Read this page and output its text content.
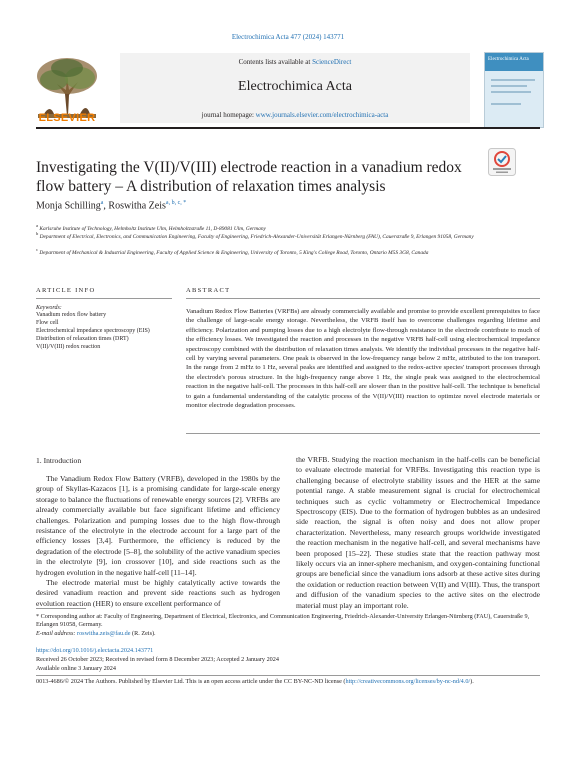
Electrochimica Acta 477 (2024) 143771
ELSEVIER
Contents lists available at ScienceDirect
Electrochimica Acta
journal homepage: www.journals.elsevier.com/electrochimica-acta
Electrochimica Acta
Investigating the V(II)/V(III) electrode reaction in a vanadium redox flow battery – A distribution of relaxation times analysis
Monja Schilling$^a$, Roswitha Zeis$^{a, b, c, *}$
$^a$ Karlsruhe Institute of Technology, Helmholtz Institute Ulm, Helmholtzstraße 11, D-89081 Ulm, Germany
$^b$ Department of Electrical, Electronics, and Communication Engineering, Faculty of Engineering, Friedrich-Alexander-Universität Erlangen-Nürnberg (FAU), Cauerstraße 9, Erlangen 91058, Germany
$^c$ Department of Mechanical & Industrial Engineering, Faculty of Applied Science & Engineering, University of Toronto, 5 King's College Road, Toronto, Ontario M5S 3G8, Canada
ARTICLE INFO	ABSTRACT
Keywords:
Vanadium redox flow battery
Flow cell
Electrochemical impedance spectroscopy (EIS)
Distribution of relaxation times (DRT)
V(II)/V(III) redox reaction
Vanadium Redox Flow Batteries (VRFBs) are already commercially available and promise to provide excellent prerequisites to face the challenge of large-scale energy storage. Nevertheless, the VRFB itself has to overcome challenges regarding lifetime and efficiency. Polarization and pumping losses due to a high electrolyte flow-through resistance in the electrode contribute to much of the efficiency losses. We investigated the reaction and processes in the negative VRFB half-cell using electrochemical impedance spectroscopy combined with the distribution of relaxation times analysis. We identify the individual processes in the negative half-cell by varying several parameters. One peak is observed in the low-frequency range below 2 mHz, attributed to the ion transport. In the range from 2 mHz to 1 Hz, several peaks are identified and assigned to the redox-active species' transport processes through the electrode's porous structure. In the high-frequency range above 1 Hz, the single peak was assigned to the electrochemical reaction in the negative half-cell. The processes in this half-cell are slower than in the positive half-cell. The technique is beneficial to gain a fundamental understanding of the catalytic process of the V(II)/V(III) reaction to optimize novel electrode materials or monitor electrode degradation processes.
1. Introduction

The Vanadium Redox Flow Battery (VRFB), developed in the 1980s by the group of Skyllas-Kazacos [1], is a promising candidate for large-scale energy storage to balance the fluctuations of renewable energy sources [2]. VRFBs are already commercially available but face significant lifetime and efficiency challenges. Polarization and pumping losses due to the high flow-through resistance of the electrolyte in the electrode account for a large part of the efficiency losses [3,4]. Furthermore, the efficiency is reduced by the degradation of the electrode [5–8], the solubility of the active vanadium species in the electrolyte [9], ion crossover [10], and side reactions such as the hydrogen evolution in the negative half-cell [11–14].

The electrode material must be highly catalytically active towards the desired vanadium reaction and prevent side reactions such as hydrogen evolution reaction (HER) to ensure excellent performance of

the VRFB. Studying the reaction mechanism in the half-cells can be beneficial to evaluate electrode material for VRFBs. Investigating this reaction type is challenging because of electrolyte stability issues and the HER at the same potential range. A stable measurement signal is crucial for electrochemical techniques such as cyclic voltammetry or Electrochemical Impedance Spectroscopy (EIS). Due to the formation of hydrogen bubbles as an undesired side reaction, the signal is often noisy and does not allow proper characterization. Nevertheless, many research groups worldwide investigated the reaction mechanism in the negative half-cell, and several mechanisms have been proposed [15–22]. These studies state that the reaction pathway most likely occurs via an inner-sphere mechanism, and oxygen-containing functional groups are beneficial since the vanadium ions adsorb at these active sites during the oxidation or reduction reaction between V(II) and V(III). Thus, the transport and diffusion of the vanadium species to the active sites on the electrode material must play an important role.

* Corresponding author at: Faculty of Engineering, Department of Electrical, Electronics, and Communication Engineering, Friedrich-Alexander-University Erlangen-Nürnberg (FAU), Cauerstraße 9, Erlangen 91058, Germany.
E-mail address: roswitha.zeis@fau.de (R. Zeis).
https://doi.org/10.1016/j.electacta.2024.143771
Received 26 October 2023; Received in revised form 8 December 2023; Accepted 2 January 2024
Available online 3 January 2024
0013-4686/© 2024 The Authors. Published by Elsevier Ltd. This is an open access article under the CC BY-NC-ND license (http://creativecommons.org/licenses/by-nc-nd/4.0/).
